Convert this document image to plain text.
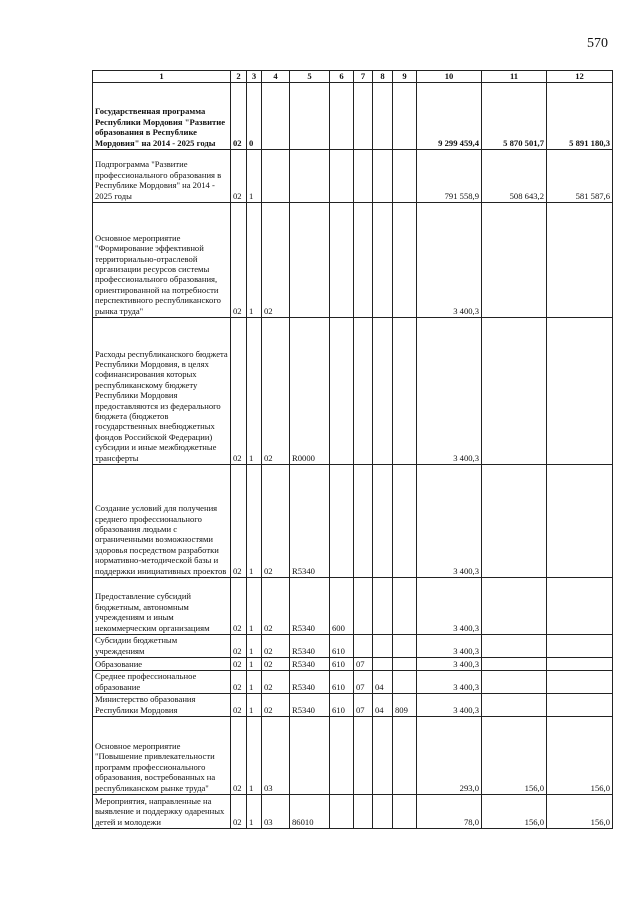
570
1	2	3	4	5	6	7	8	9	10	11	12
Государственная программа Республики Мордовия "Развитие образования в Республике Мордовия" на 2014 - 2025 годы	02	0							9 299 459,4	5 870 501,7	5 891 180,3
Подпрограмма "Развитие профессионального образования в Республике Мордовия" на 2014 - 2025 годы	02	1							791 558,9	508 643,2	581 587,6
Основное мероприятие "Формирование эффективной территориально-отраслевой организации ресурсов системы профессионального образования, ориентированной на потребности перспективного республиканского рынка труда"	02	1	02						3 400,3		
Расходы республиканского бюджета Республики Мордовия, в целях софинансирования которых республиканскому бюджету Республики Мордовия предоставляются из федерального бюджета (бюджетов государственных внебюджетных фондов Российской Федерации) субсидии и иные межбюджетные трансферты	02	1	02	R0000					3 400,3		
Создание условий для получения среднего профессионального образования людьми с ограниченными возможностями здоровья посредством разработки нормативно-методической базы и поддержки инициативных проектов	02	1	02	R5340					3 400,3		
Предоставление субсидий бюджетным, автономным учреждениям и иным некоммерческим организациям	02	1	02	R5340	600				3 400,3		
Субсидии бюджетным учреждениям	02	1	02	R5340	610				3 400,3		
Образование	02	1	02	R5340	610	07			3 400,3		
Среднее профессиональное образование	02	1	02	R5340	610	07	04		3 400,3		
Министерство образования Республики Мордовия	02	1	02	R5340	610	07	04	809	3 400,3		
Основное мероприятие "Повышение привлекательности программ профессионального образования, востребованных на республиканском рынке труда"	02	1	03						293,0	156,0	156,0
Мероприятия, направленные на выявление и поддержку одаренных детей и молодежи	02	1	03	86010					78,0	156,0	156,0
